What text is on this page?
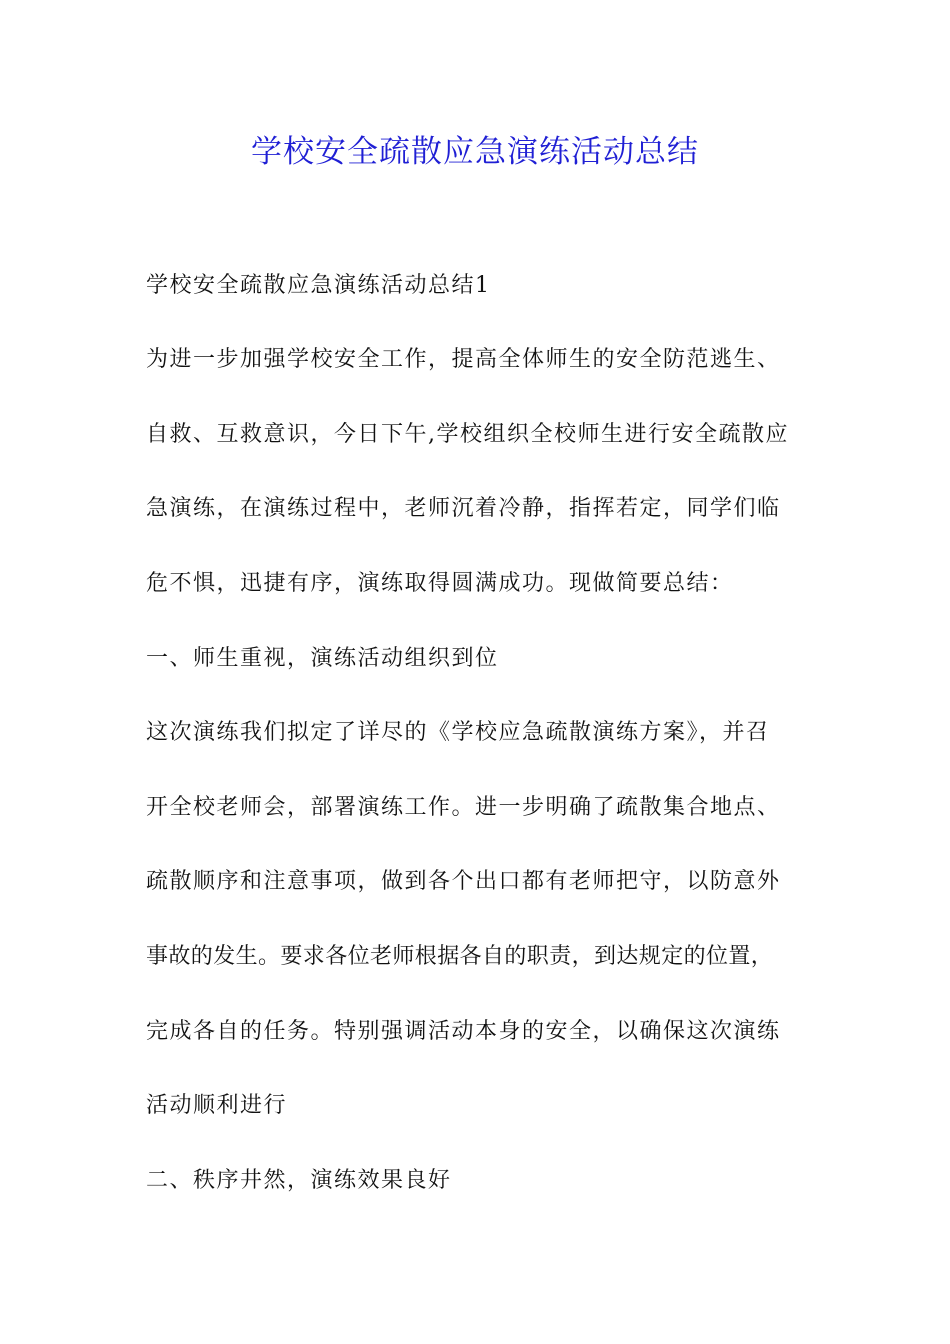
学校安全疏散应急演练活动总结
学校安全疏散应急演练活动总结1
为进一步加强学校安全工作，提高全体师生的安全防范逃生、
自救、互救意识，今日下午,学校组织全校师生进行安全疏散应
急演练，在演练过程中，老师沉着冷静，指挥若定，同学们临
危不惧，迅捷有序，演练取得圆满成功。现做简要总结：
一、师生重视，演练活动组织到位
这次演练我们拟定了详尽的《学校应急疏散演练方案》，并召
开全校老师会，部署演练工作。进一步明确了疏散集合地点、
疏散顺序和注意事项，做到各个出口都有老师把守，以防意外
事故的发生。要求各位老师根据各自的职责，到达规定的位置，
完成各自的任务。特别强调活动本身的安全，以确保这次演练
活动顺利进行
二、秩序井然，演练效果良好
